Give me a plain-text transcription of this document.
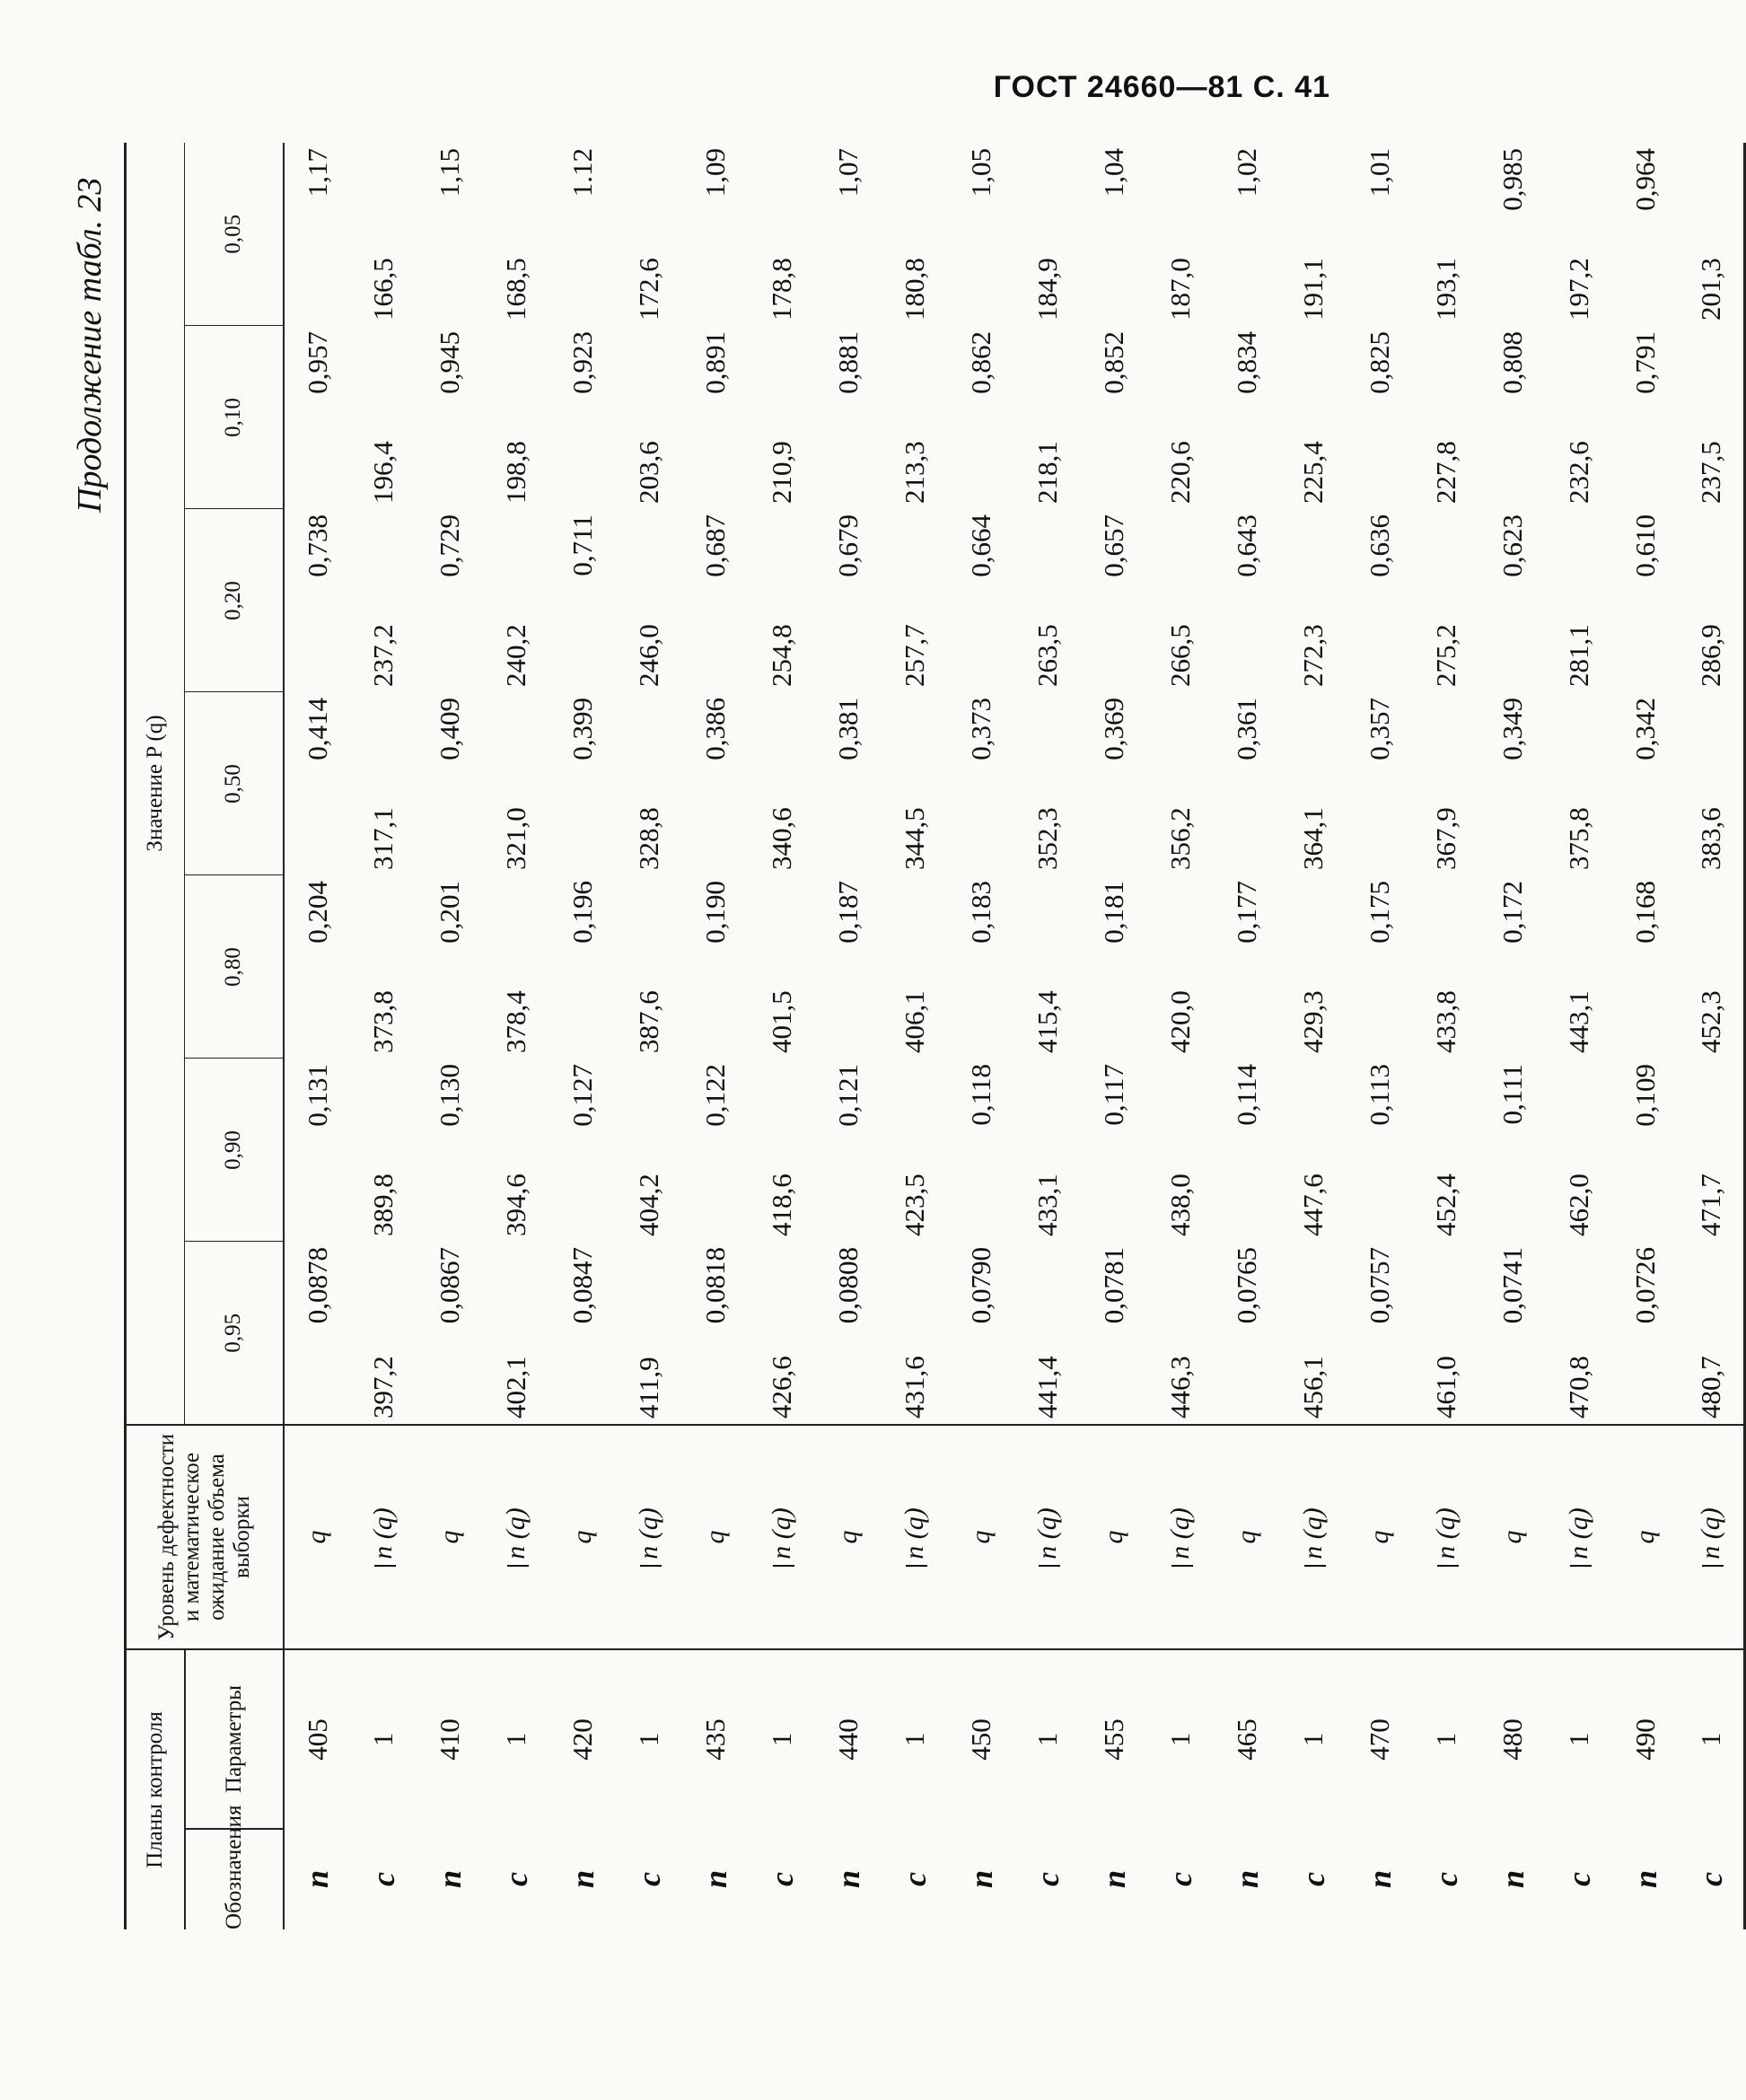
ГОСТ 24660—81 С. 41
Продолжение табл. 23
Планы контроля		Уровень дефектности и математическое ожидание объема выборки	Значение P (q)						
Обозначения	Параметры		0,95	0,90	0,80	0,50	0,20	0,10	0,05
n	405	q	0,0878	0,131	0,204	0,414	0,738	0,957	1,17
c	1	n (q)	397,2	389,8	373,8	317,1	237,2	196,4	166,5
n	410	q	0,0867	0,130	0,201	0,409	0,729	0,945	1,15
c	1	n (q)	402,1	394,6	378,4	321,0	240,2	198,8	168,5
n	420	q	0,0847	0,127	0,196	0,399	0,711	0,923	1.12
c	1	n (q)	411,9	404,2	387,6	328,8	246,0	203,6	172,6
n	435	q	0,0818	0,122	0,190	0,386	0,687	0,891	1,09
c	1	n (q)	426,6	418,6	401,5	340,6	254,8	210,9	178,8
n	440	q	0,0808	0,121	0,187	0,381	0,679	0,881	1,07
c	1	n (q)	431,6	423,5	406,1	344,5	257,7	213,3	180,8
n	450	q	0,0790	0,118	0,183	0,373	0,664	0,862	1,05
c	1	n (q)	441,4	433,1	415,4	352,3	263,5	218,1	184,9
n	455	q	0,0781	0,117	0,181	0,369	0,657	0,852	1,04
c	1	n (q)	446,3	438,0	420,0	356,2	266,5	220,6	187,0
n	465	q	0,0765	0,114	0,177	0,361	0,643	0,834	1,02
c	1	n (q)	456,1	447,6	429,3	364,1	272,3	225,4	191,1
n	470	q	0,0757	0,113	0,175	0,357	0,636	0,825	1,01
c	1	n (q)	461,0	452,4	433,8	367,9	275,2	227,8	193,1
n	480	q	0,0741	0,111	0,172	0,349	0,623	0,808	0,985
c	1	n (q)	470,8	462,0	443,1	375,8	281,1	232,6	197,2
n	490	q	0,0726	0,109	0,168	0,342	0,610	0,791	0,964
c	1	n (q)	480,7	471,7	452,3	383,6	286,9	237,5	201,3
